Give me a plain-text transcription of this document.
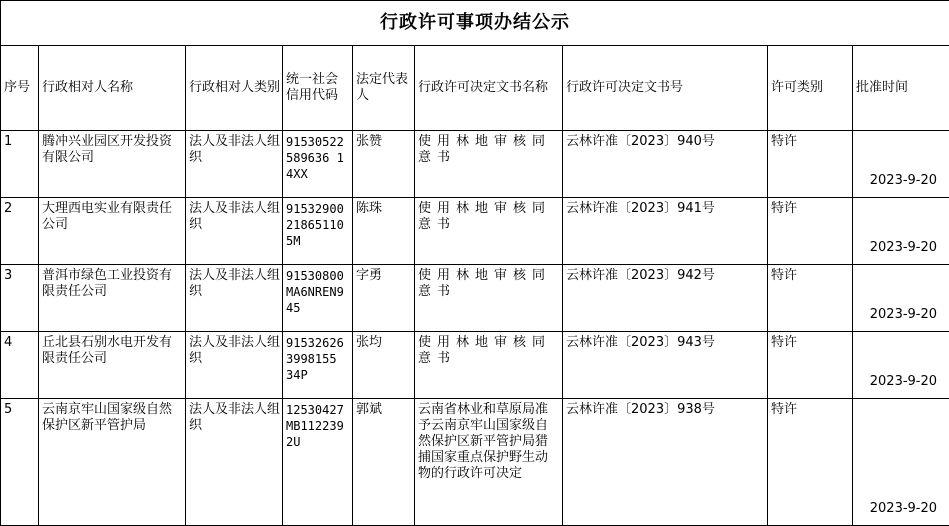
行政许可事项办结公示								
序号	行政相对人名称	行政相对人类别	统一社会信用代码	法定代表人	行政许可决定文书名称	行政许可决定文书号	许可类别	批准时间
1	腾冲兴业园区开发投资有限公司	法人及非法人组织	91530522589636 14XX	张赞	使用林地审核同意书	云林许准〔2023〕940号	特许	2023-9-20
2	大理西电实业有限责任公司	法人及非法人组织	91532900218651105M	陈珠	使用林地审核同意书	云林许准〔2023〕941号	特许	2023-9-20
3	普洱市绿色工业投资有限责任公司	法人及非法人组织	91530800MA6NREN945	字勇	使用林地审核同意书	云林许准〔2023〕942号	特许	2023-9-20
4	丘北县石别水电开发有限责任公司	法人及非法人组织	915326263998155 34P	张均	使用林地审核同意书	云林许准〔2023〕943号	特许	2023-9-20
5	云南京牢山国家级自然保护区新平管护局	法人及非法人组织	12530427MB1122392U	郭斌	云南省林业和草原局准予云南京牢山国家级自然保护区新平管护局猎捕国家重点保护野生动物的行政许可决定	云林许准〔2023〕938号	特许	2023-9-20
